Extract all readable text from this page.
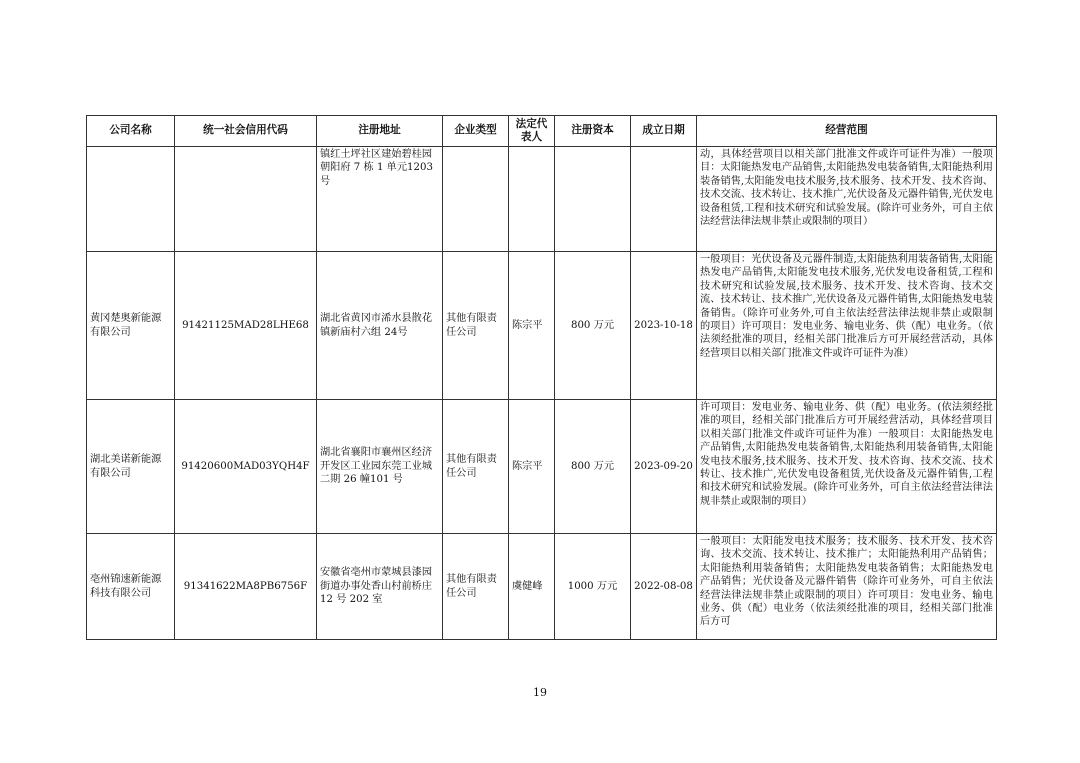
公司名称	统一社会信用代码	注册地址	企业类型	法定代表人	注册资本	成立日期	经营范围
		镇红土坪社区建始碧桂园朝阳府 7 栋 1 单元1203 号					动，具体经营项目以相关部门批准文件或许可证件为准）一般项目：太阳能热发电产品销售,太阳能热发电装备销售,太阳能热利用装备销售,太阳能发电技术服务,技术服务、技术开发、技术咨询、技术交流、技术转让、技术推广,光伏设备及元器件销售,光伏发电设备租赁,工程和技术研究和试验发展。(除许可业务外，可自主依法经营法律法规非禁止或限制的项目）
黄冈楚奥新能源有限公司	91421125MAD28LHE68	湖北省黄冈市浠水县散花镇新庙村六组 24号	其他有限责任公司	陈宗平	800 万元	2023-10-18	一般项目：光伏设备及元器件制造,太阳能热利用装备销售,太阳能热发电产品销售,太阳能发电技术服务,光伏发电设备租赁,工程和技术研究和试验发展,技术服务、技术开发、技术咨询、技术交流、技术转让、技术推广,光伏设备及元器件销售,太阳能热发电装备销售。（除许可业务外,可自主依法经营法律法规非禁止或限制的项目）许可项目：发电业务、输电业务、供（配）电业务。（依法须经批准的项目，经相关部门批准后方可开展经营活动，具体经营项目以相关部门批准文件或许可证件为准）
湖北美诺新能源有限公司	91420600MAD03YQH4F	湖北省襄阳市襄州区经济开发区工业园东莞工业城二期 26 幢101 号	其他有限责任公司	陈宗平	800 万元	2023-09-20	许可项目：发电业务、输电业务、供（配）电业务。(依法须经批准的项目，经相关部门批准后方可开展经营活动，具体经营项目以相关部门批准文件或许可证件为准）一般项目：太阳能热发电产品销售,太阳能热发电装备销售,太阳能热利用装备销售,太阳能发电技术服务,技术服务、技术开发、技术咨询、技术交流、技术转让、技术推广,光伏发电设备租赁,光伏设备及元器件销售,工程和技术研究和试验发展。(除许可业务外，可自主依法经营法律法规非禁止或限制的项目）
亳州锦速新能源科技有限公司	91341622MA8PB6756F	安徽省亳州市蒙城县漆园街道办事处香山村前桥庄 12 号 202 室	其他有限责任公司	虞健峰	1000 万元	2022-08-08	一般项目：太阳能发电技术服务；技术服务、技术开发、技术咨询、技术交流、技术转让、技术推广；太阳能热利用产品销售；太阳能热利用装备销售；太阳能热发电装备销售；太阳能热发电产品销售；光伏设备及元器件销售（除许可业务外，可自主依法经营法律法规非禁止或限制的项目）许可项目：发电业务、输电业务、供（配）电业务（依法须经批准的项目，经相关部门批准后方可
19
